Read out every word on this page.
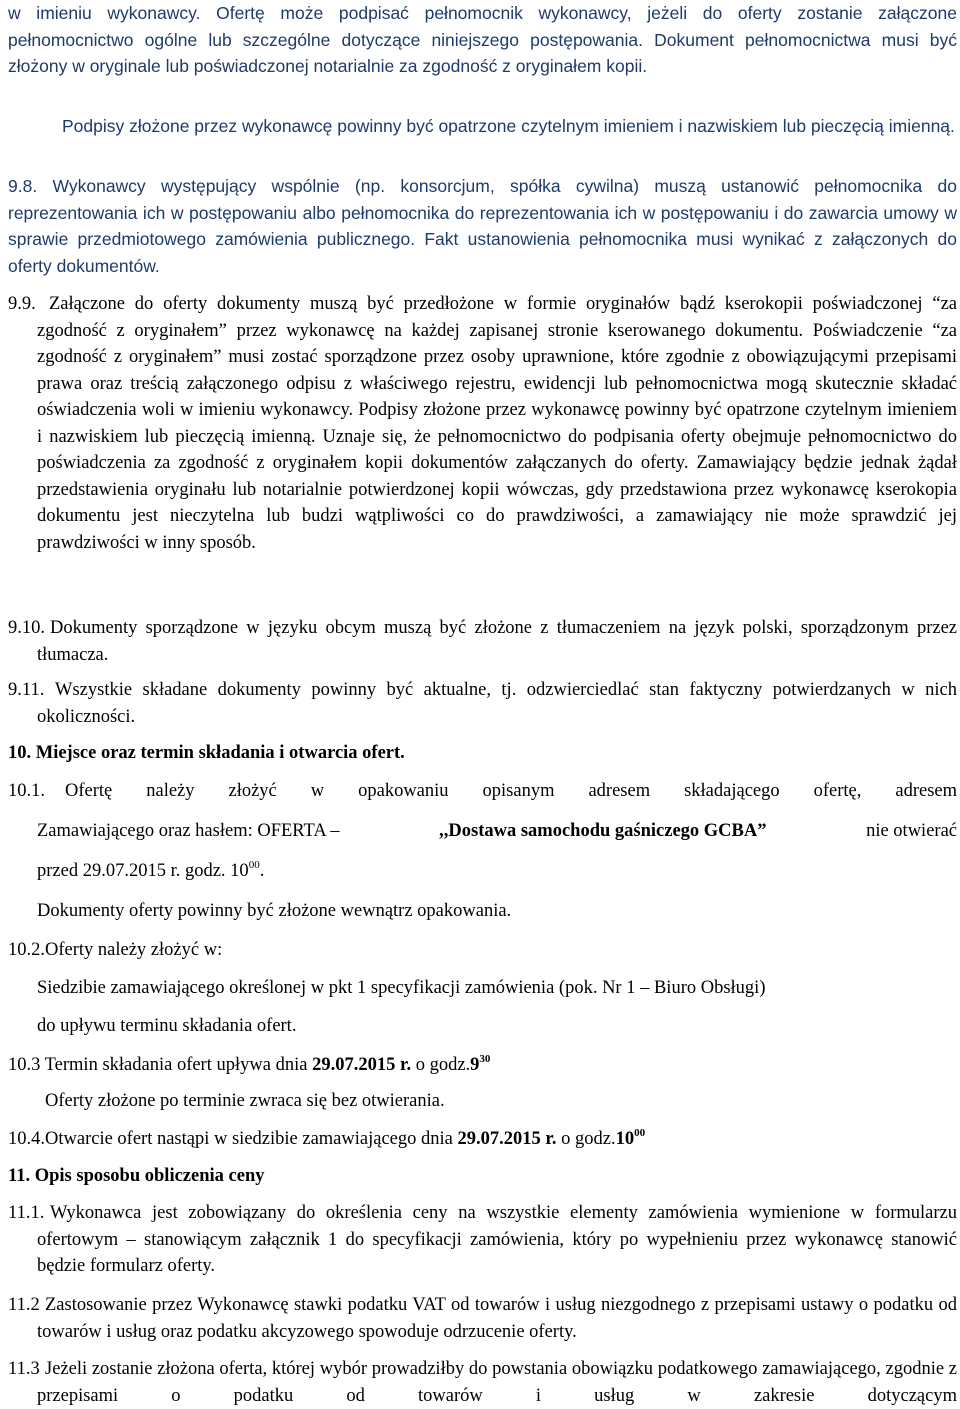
w imieniu wykonawcy. Ofertę może podpisać pełnomocnik wykonawcy, jeżeli do oferty zostanie załączone pełnomocnictwo ogólne lub szczególne dotyczące niniejszego postępowania. Dokument pełnomocnictwa musi być złożony w oryginale lub poświadczonej notarialnie za zgodność z oryginałem kopii.

Podpisy złożone przez wykonawcę powinny być opatrzone czytelnym imieniem i nazwiskiem lub pieczęcią imienną.

9.8. Wykonawcy występujący wspólnie (np. konsorcjum, spółka cywilna) muszą ustanowić pełnomocnika do reprezentowania ich w postępowaniu albo pełnomocnika do reprezentowania ich w postępowaniu i do zawarcia umowy w sprawie przedmiotowego zamówienia publicznego. Fakt ustanowienia pełnomocnika musi wynikać z załączonych do oferty dokumentów.

9.9. Załączone do oferty dokumenty muszą być przedłożone w formie oryginałów bądź kserokopii poświadczonej “za zgodność z oryginałem” przez wykonawcę na każdej zapisanej stronie kserowanego dokumentu. Poświadczenie “za zgodność z oryginałem” musi zostać sporządzone przez osoby uprawnione, które zgodnie z obowiązującymi przepisami prawa oraz treścią załączonego odpisu z właściwego rejestru, ewidencji lub pełnomocnictwa mogą skutecznie składać oświadczenia woli w imieniu wykonawcy. Podpisy złożone przez wykonawcę powinny być opatrzone czytelnym imieniem i nazwiskiem lub pieczęcią imienną. Uznaje się, że pełnomocnictwo do podpisania oferty obejmuje pełnomocnictwo do poświadczenia za zgodność z oryginałem kopii dokumentów załączanych do oferty. Zamawiający będzie jednak żądał przedstawienia oryginału lub notarialnie potwierdzonej kopii wówczas, gdy przedstawiona przez wykonawcę kserokopia dokumentu jest nieczytelna lub budzi wątpliwości co do prawdziwości, a zamawiający nie może sprawdzić jej prawdziwości w inny sposób.

9.10. Dokumenty sporządzone w języku obcym muszą być złożone z tłumaczeniem na język polski, sporządzonym przez tłumacza.

9.11. Wszystkie składane dokumenty powinny być aktualne, tj. odzwierciedlać stan faktyczny potwierdzanych w nich okoliczności.

10. Miejsce oraz termin składania i otwarcia ofert.
10.1. Ofertę należy złożyć w opakowaniu opisanym adresem składającego ofertę, adresem

Zamawiającego oraz hasłem: OFERTA –	,,Dostawa samochodu gaśniczego GCBA”	nie otwierać
przed 29.07.2015 r. godz. $10^{00}$.
Dokumenty oferty powinny być złożone wewnątrz opakowania.
10.2.Oferty należy złożyć w:
Siedzibie zamawiającego określonej w pkt 1 specyfikacji zamówienia (pok. Nr 1 – Biuro Obsługi)
do upływu terminu składania ofert.
10.3 Termin składania ofert upływa dnia 29.07.2015 r. o $godz.9^{30}$
Oferty złożone po terminie zwraca się bez otwierania.
10.4.Otwarcie ofert nastąpi w siedzibie zamawiającego dnia 29.07.2015 r. o $godz.10^{00}$
11. Opis sposobu obliczenia ceny
11.1. Wykonawca jest zobowiązany do określenia ceny na wszystkie elementy zamówienia wymienione w formularzu ofertowym – stanowiącym załącznik 1 do specyfikacji zamówienia, który po wypełnieniu przez wykonawcę stanowić będzie formularz oferty.

11.2 Zastosowanie przez Wykonawcę stawki podatku VAT od towarów i usług niezgodnego z przepisami ustawy o podatku od towarów i usług oraz podatku akcyzowego spowoduje odrzucenie oferty.

11.3 Jeżeli zostanie złożona oferta, której wybór prowadziłby do powstania obowiązku podatkowego zamawiającego, zgodnie z przepisami o podatku od towarów i usług w zakresie dotyczącym
